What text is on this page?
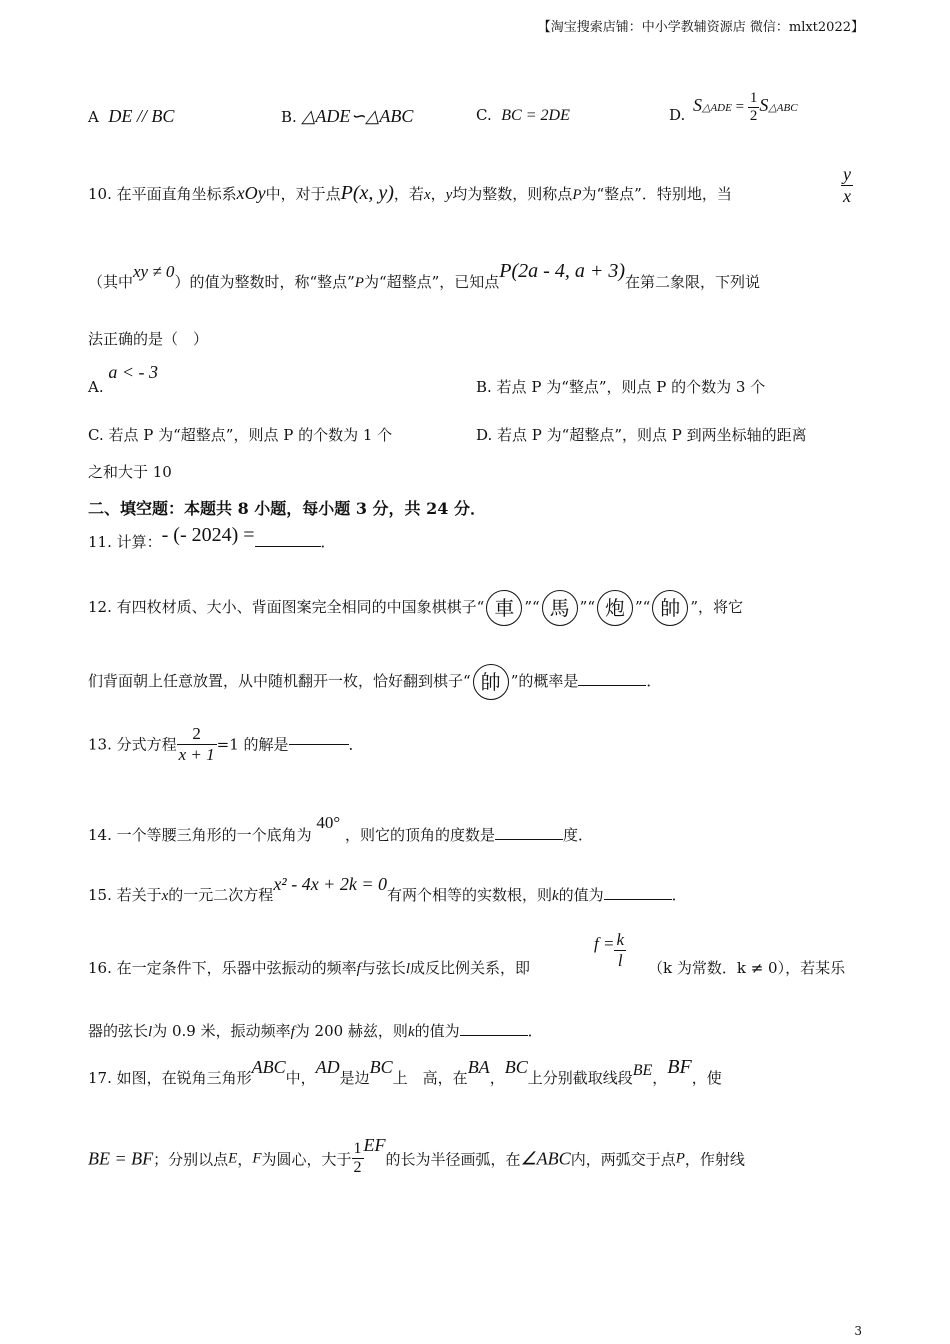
【淘宝搜索店铺：中小学教辅资源店 微信：mlxt2022】
A DE // BC	B. △ADE∽△ABC	C. BC = 2DE	D. S△ADE = $\frac{1}{2}$ S△ABC
10. 在平面直角坐标系xOy中，对于点P(x, y)，若x，y均为整数，则称点P为“整点”．特别地，当	$\frac{y}{x}$
（其中xy ≠ 0）的值为整数时，称“整点”P为“超整点”，已知点P(2a - 4, a + 3)在第二象限，下列说
法正确的是（　）
A. a < - 3
B. 若点 P 为“整点”，则点 P 的个数为 3 个
C. 若点 P 为“超整点”，则点 P 的个数为 1 个	D. 若点 P 为“超整点”，则点 P 到两坐标轴的距离
之和大于 10
二、填空题：本题共 8 小题，每小题 3 分，共 24 分．
11. 计算：- (- 2024) =	．
12. 有四枚材质、大小、背面图案完全相同的中国象棋棋子“ 車 ”“ 馬 ”“ 炮 ”“ 帥 ”，将它
们背面朝上任意放置，从中随机翻开一枚，恰好翻到棋子“ 帥 ”的概率是	．
13. 分式方程 $\frac{2}{x + 1} =1$ 的解是	．
14. 一个等腰三角形的一个底角为 40° ，则它的顶角的度数是	度．
15. 若关于x的一元二次方程x² - 4x + 2k = 0有两个相等的实数根，则k的值为	．
16. 在一定条件下，乐器中弦振动的频率f与弦长l成反比例关系，即
$f = \frac{k}{l} (k$ 为常数．k ≠ 0），若某乐
器的弦长l为 0.9 米，振动频率f为 200 赫兹，则k的值为	．
17. 如图，在锐角三角形ABC中，AD是边BC上　高，在BA，BC上分别截取线段BE，BF，使
BE = BF；分别以点E，F为圆心，大于 $\frac{1}{2}$ EF的长为半径画弧，在∠ABC内，两弧交于点P，作射线
3
